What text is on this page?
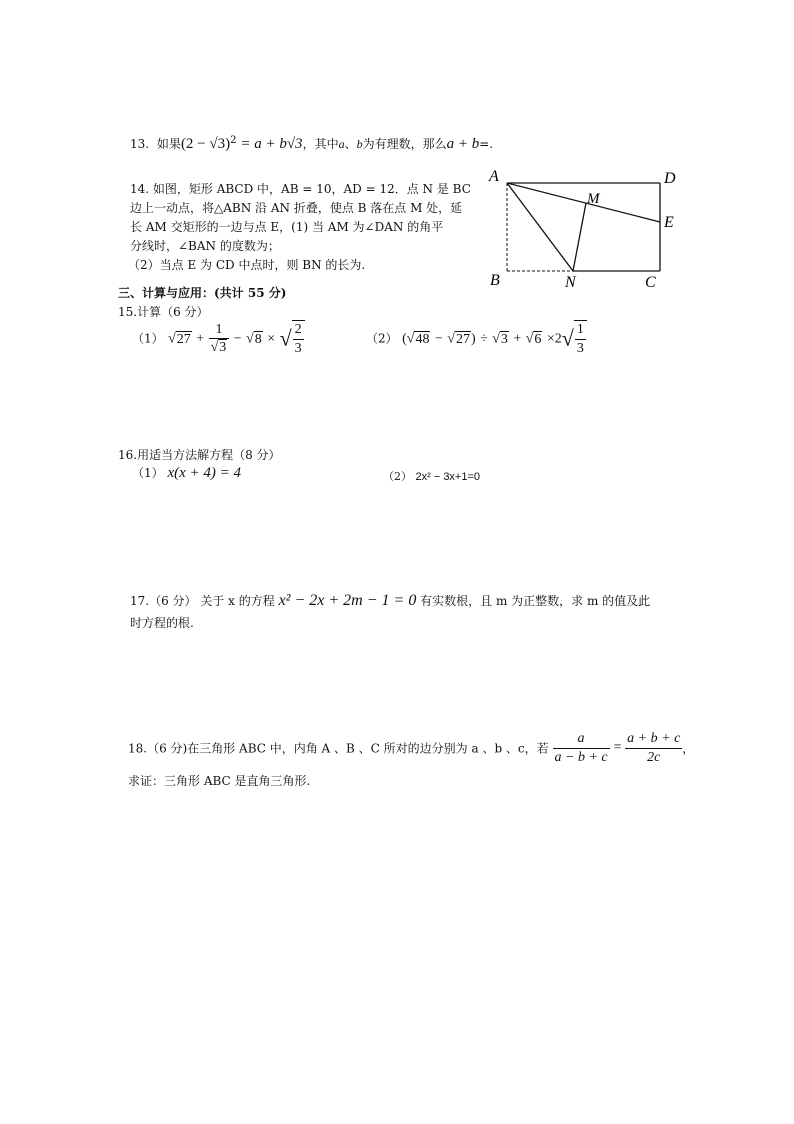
13. 如果$(2 - √3)^2 = a + b√3$，其中a、b为有理数，那么a + b=.
14. 如图，矩形 ABCD 中，AB = 10，AD = 12．点 N 是 BC
边上一动点，将△ABN 沿 AN 折叠，使点 B 落在点 M 处，延
长 AM 交矩形的一边与点 E，(1) 当 AM 为∠DAN 的角平
分线时，∠BAN 的度数为；
（2）当点 E 为 CD 中点时，则 BN 的长为.
A	D
M
E
B	N	C
三、计算与应用：(共计 55 分)
15.计算（6 分）
（1） $√27 + \frac{1}{√3} - √8$ × √ $\frac{2}{3}$	（2） $(√48 - √27) \div √3 + √6 \times 2√ \frac{1}{3}$
16.用适当方法解方程（8 分）
（1） x(x + 4) = 4	（2） 2x² − 3x+1=0
17.（6 分） 关于 x 的方程 x² − 2x + 2m − 1 = 0 有实数根，且 m 为正整数，求 m 的值及此
时方程的根.
18.（6 分)在三角形 ABC 中，内角 A 、B 、C 所对的边分别为 a 、b 、c，若 $\frac{a}{a - b + c} = \frac{a + b + c}{2c}$ ，
求证：三角形 ABC 是直角三角形.
